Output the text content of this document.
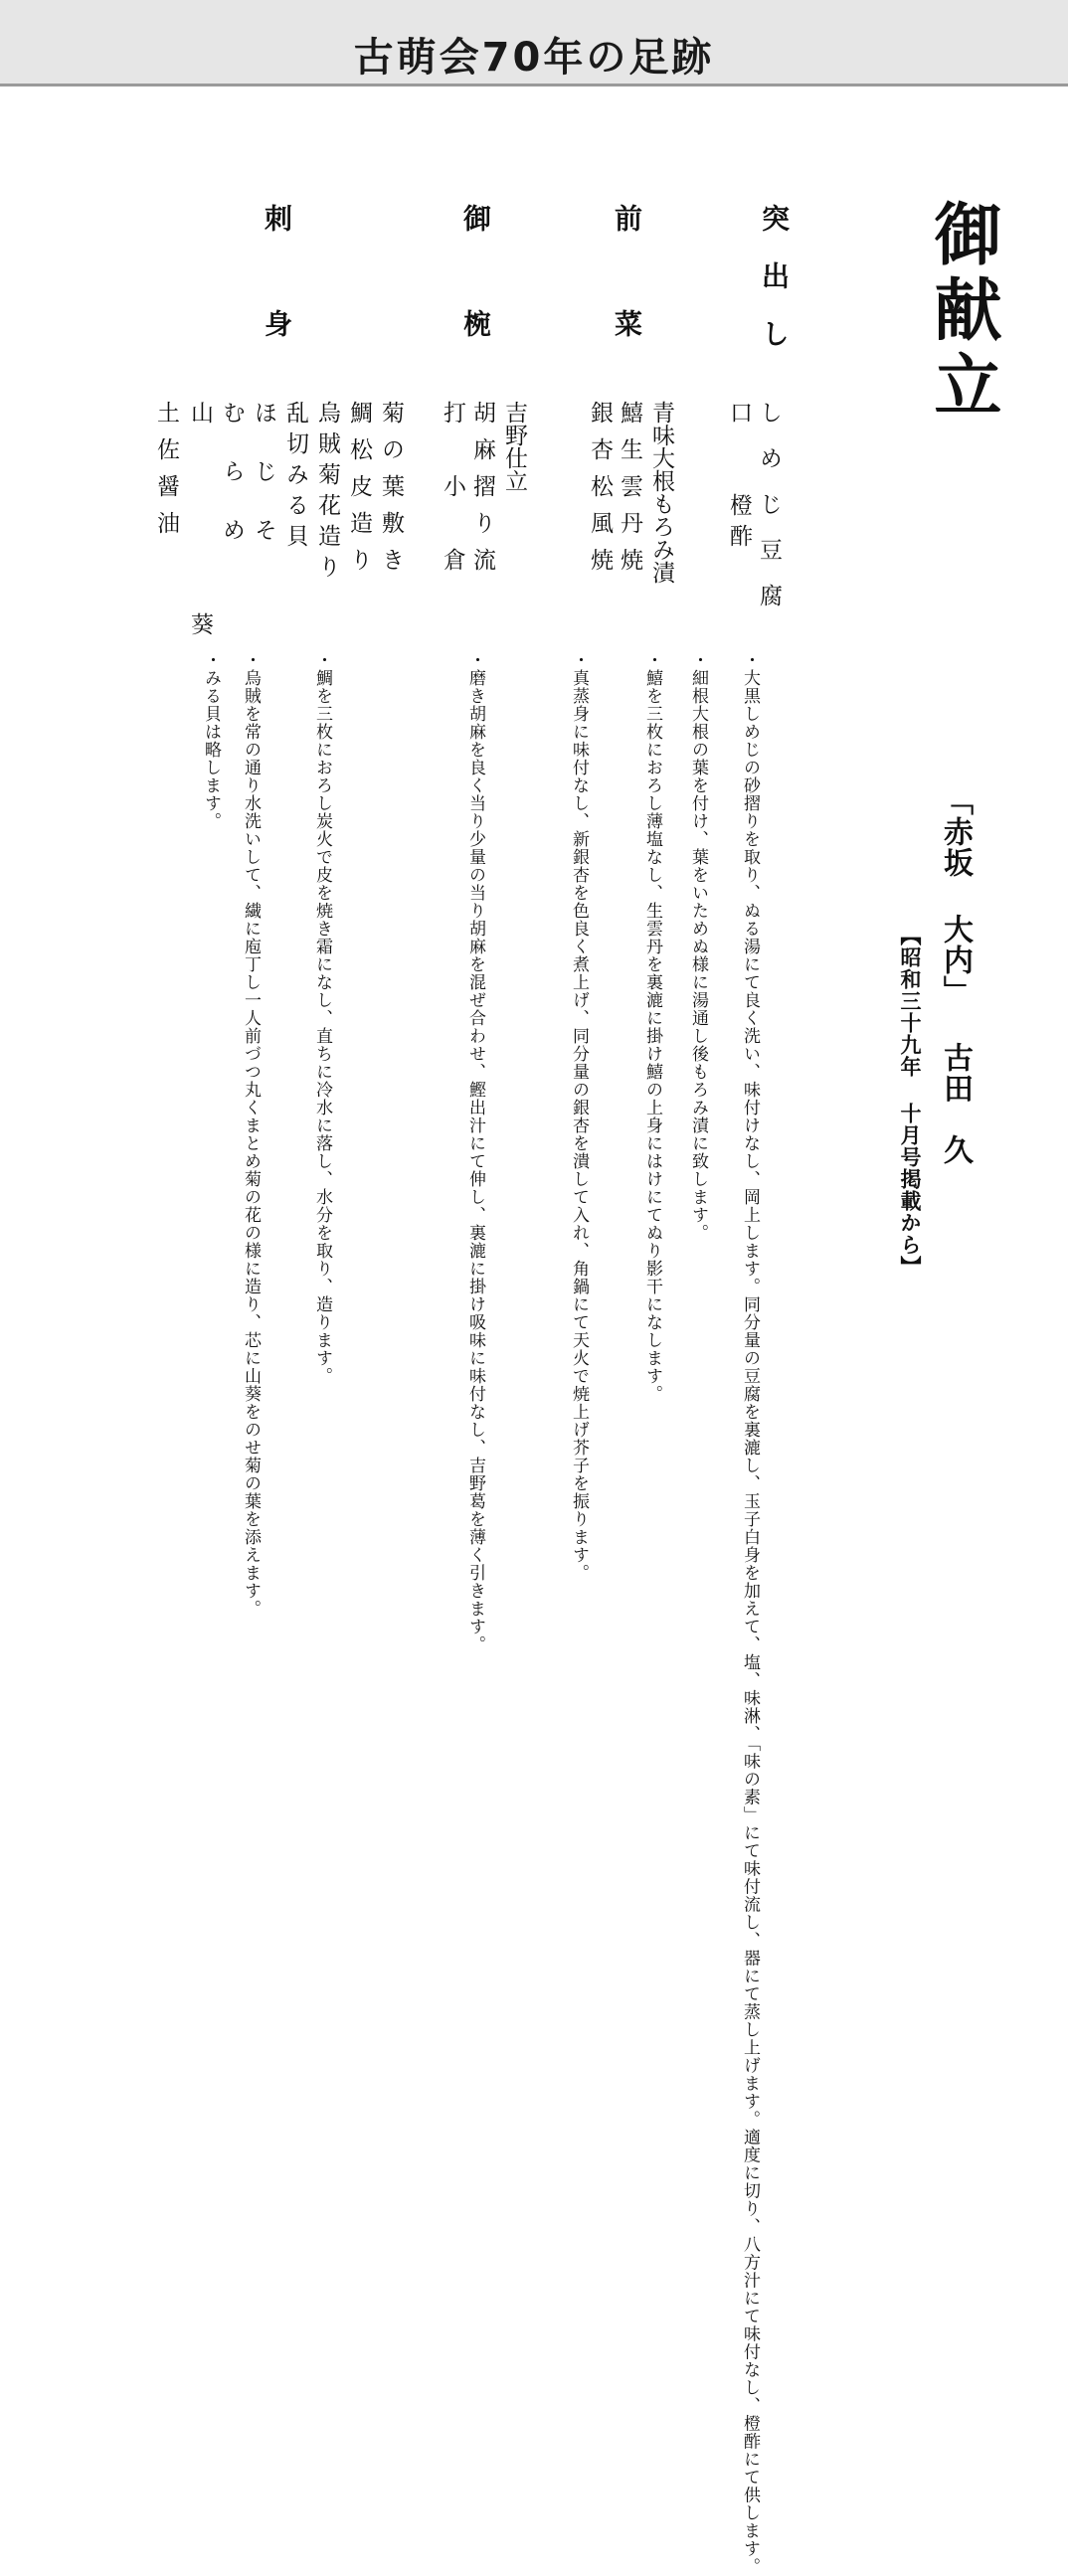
古萌会70年の足跡
御献立
「赤坂 大内」 古田　久
【昭和三十九年 十月号掲載から】
突出し
前菜
御椀
刺身
しめじ豆腐
口　　橙酢
青味大根もろみ漬
鱚生雲丹焼
銀杏松風焼
吉野仕立
胡麻摺り流
打　小　倉
菊の葉敷き
鯛松皮造り
烏賊菊花造り
乱切みる貝
ほじそ
むらめ
山　　葵
土佐醤油
・大黒しめじの砂摺りを取り、ぬる湯にて良く洗い、味付けなし、岡上します。同分量の豆腐を裏漉し、玉子白身を加えて、塩、味淋、「味の素」にて味付流し、器にて蒸し上げます。適度に切り、八方汁にて味付なし、橙酢にて供します。
・細根大根の葉を付け、葉をいためぬ様に湯通し後もろみ漬に致します。
・鱚を三枚におろし薄塩なし、生雲丹を裏漉に掛け鱚の上身にはけにてぬり影干になします。
・真蒸身に味付なし、新銀杏を色良く煮上げ、同分量の銀杏を潰して入れ、角鍋にて天火で焼上げ芥子を振ります。
・磨き胡麻を良く当り少量の当り胡麻を混ぜ合わせ、鰹出汁にて伸し、裏漉に掛け吸味に味付なし、吉野葛を薄く引きます。
・鯛を三枚におろし炭火で皮を焼き霜になし、直ちに冷水に落し、水分を取り、造ります。
・烏賊を常の通り水洗いして、繊に庖丁し一人前づつ丸くまとめ菊の花の様に造り、芯に山葵をのせ菊の葉を添えます。
・みる貝は略します。
